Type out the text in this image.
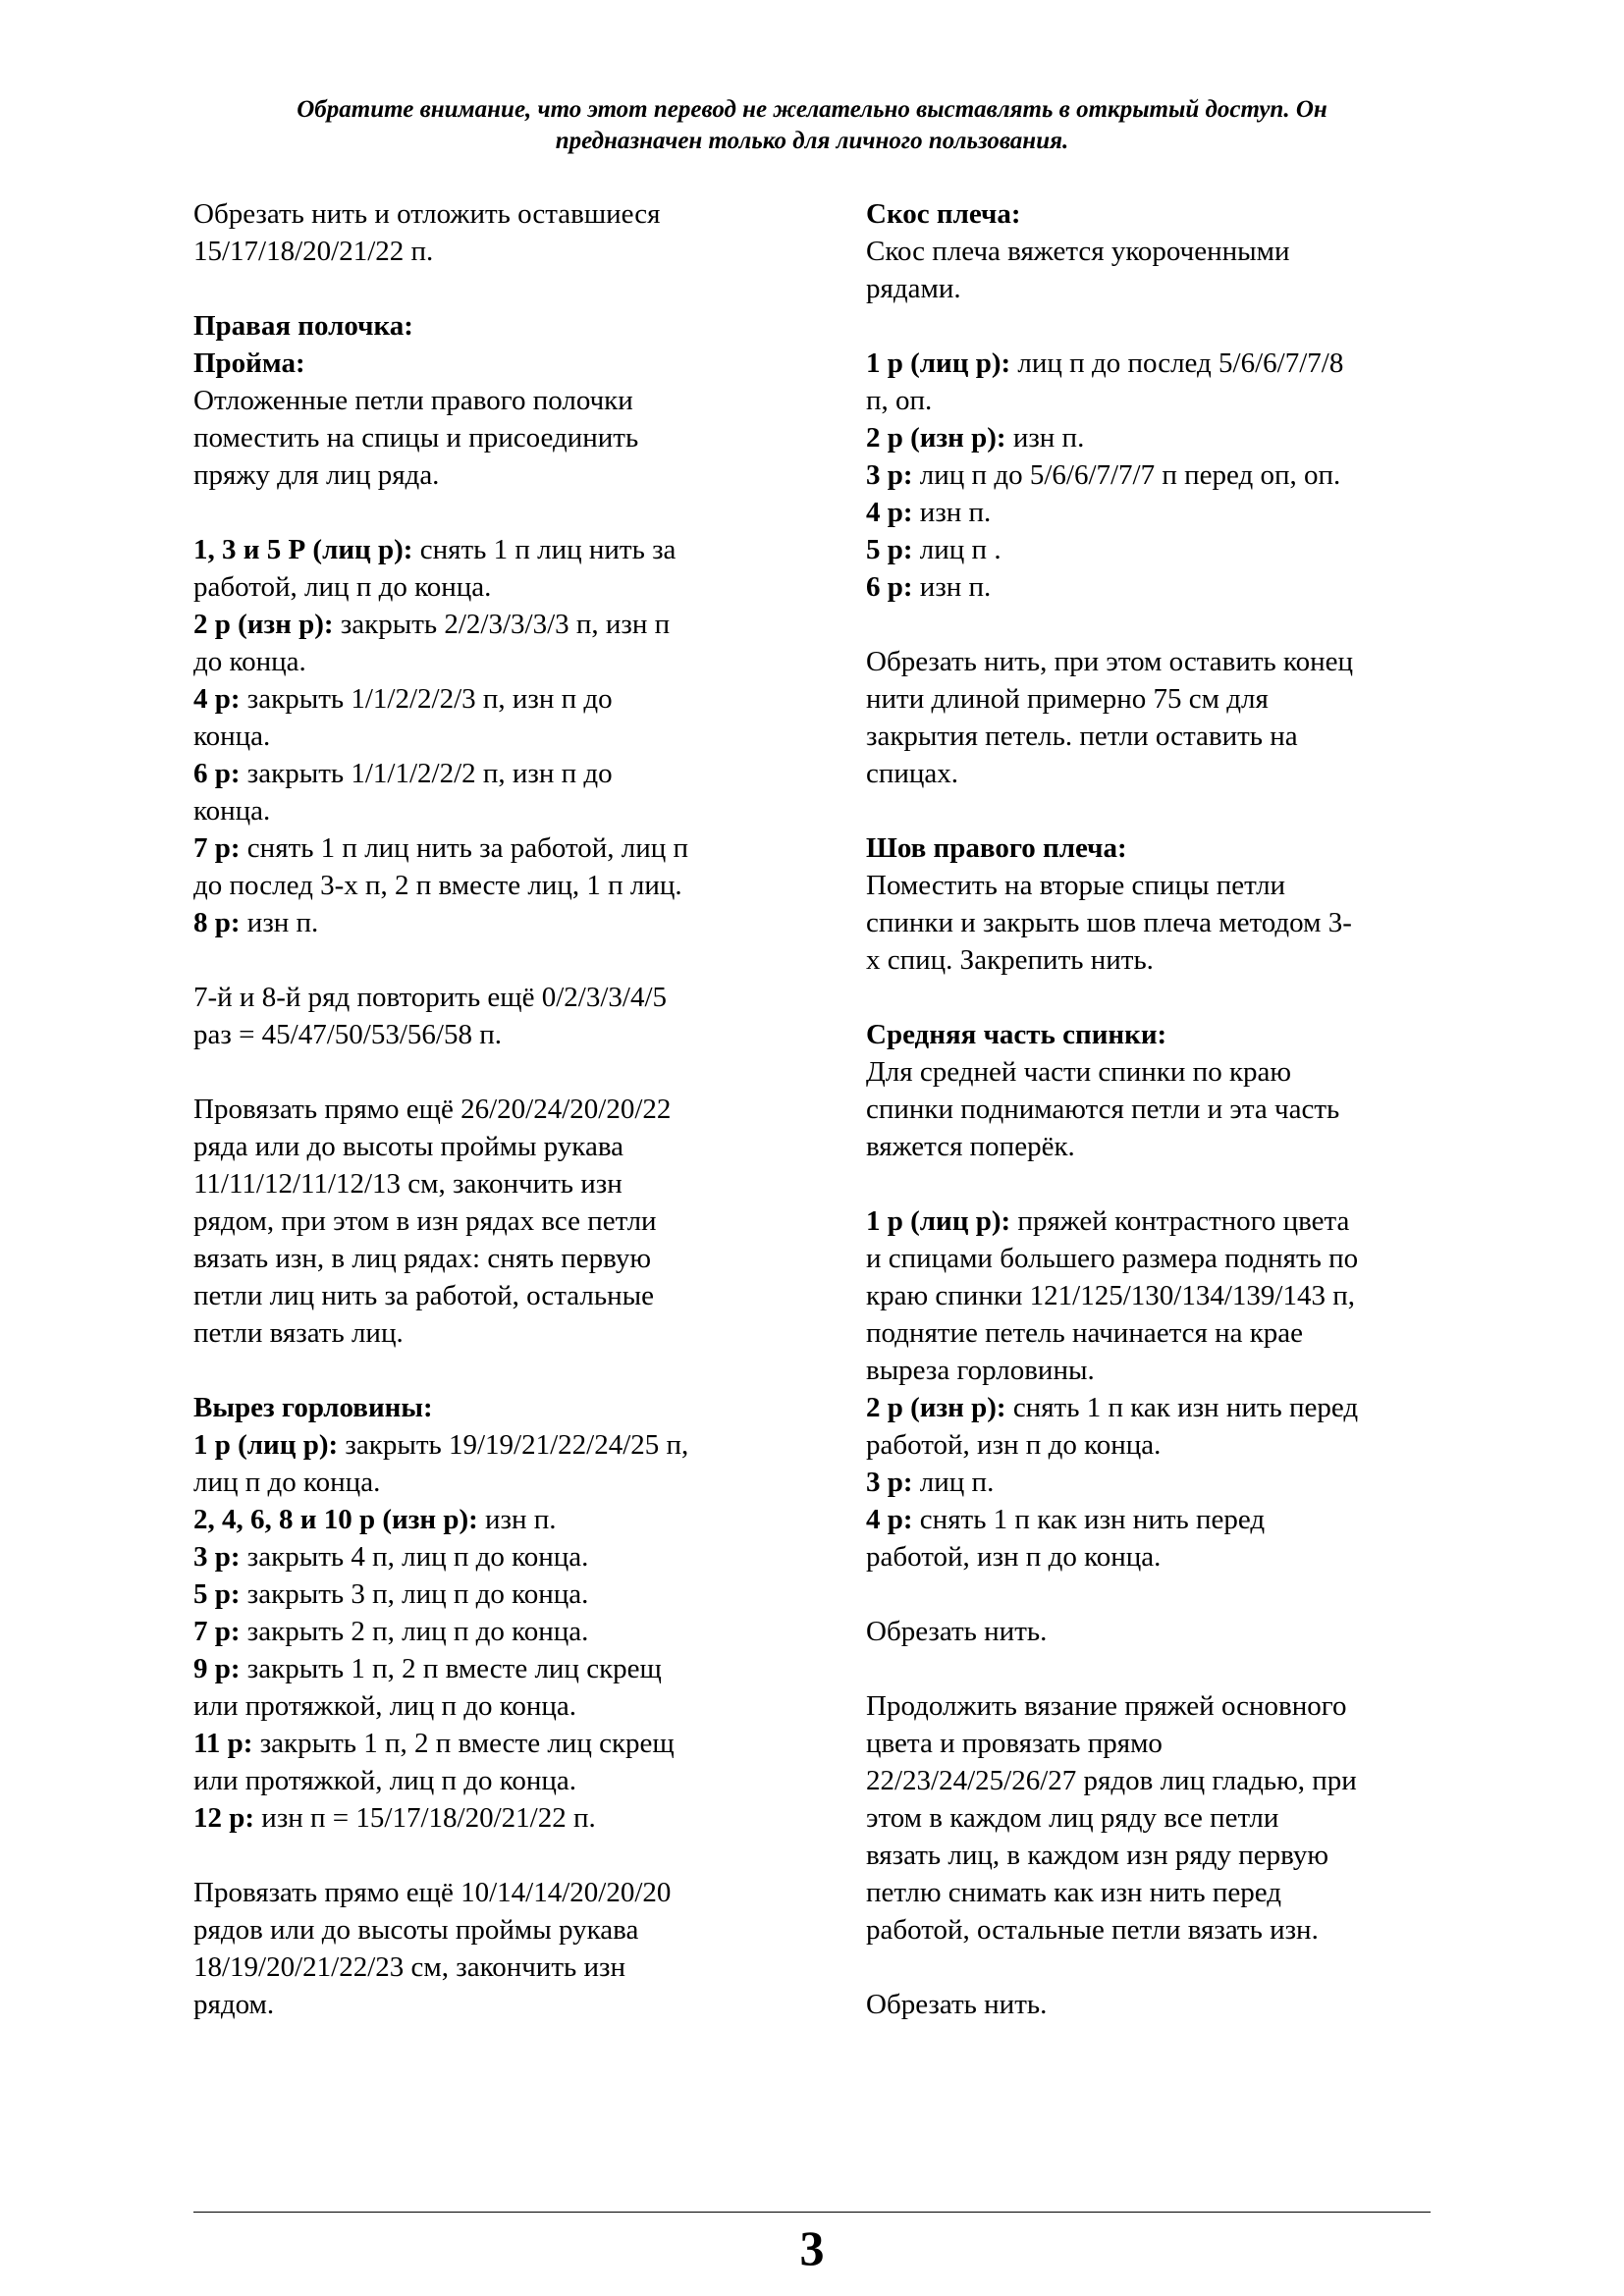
Обратите внимание, что этот перевод не желательно выставлять в открытый доступ. Он
предназначен только для личного пользования.
Обрезать нить и отложить оставшиеся
15/17/18/20/21/22 п.
Правая полочка:
Пройма:
Отложенные петли правого полочки
поместить на спицы и присоединить
пряжу для лиц ряда.
1, 3 и 5 Р (лиц р): снять 1 п лиц нить за
работой, лиц п до конца.
2 р (изн р): закрыть 2/2/3/3/3/3 п, изн п
до конца.
4 р: закрыть 1/1/2/2/2/3 п, изн п до
конца.
6 р: закрыть 1/1/1/2/2/2 п, изн п до
конца.
7 р: снять 1 п лиц нить за работой, лиц п
до послед 3-х п, 2 п вместе лиц, 1 п лиц.
8 р: изн п.
7-й и 8-й ряд повторить ещё 0/2/3/3/4/5
раз = 45/47/50/53/56/58 п.
Провязать прямо ещё 26/20/24/20/20/22
ряда или до высоты проймы рукава
11/11/12/11/12/13 см, закончить изн
рядом, при этом в изн рядах все петли
вязать изн, в лиц рядах: снять первую
петли лиц нить за работой, остальные
петли вязать лиц.
Вырез горловины:
1 р (лиц р): закрыть 19/19/21/22/24/25 п,
лиц п до конца.
2, 4, 6, 8 и 10 р (изн р): изн п.
3 р: закрыть 4 п, лиц п до конца.
5 р: закрыть 3 п, лиц п до конца.
7 р: закрыть 2 п, лиц п до конца.
9 р: закрыть 1 п, 2 п вместе лиц скрещ
или протяжкой, лиц п до конца.
11 р: закрыть 1 п, 2 п вместе лиц скрещ
или протяжкой, лиц п до конца.
12 р: изн п = 15/17/18/20/21/22 п.
Провязать прямо ещё 10/14/14/20/20/20
рядов или до высоты проймы рукава
18/19/20/21/22/23 см, закончить изн
рядом.
Скос плеча:
Скос плеча вяжется укороченными
рядами.
1 р (лиц р): лиц п до послед 5/6/6/7/7/8
п, оп.
2 р (изн р): изн п.
3 р: лиц п до 5/6/6/7/7/7 п перед оп, оп.
4 р: изн п.
5 р: лиц п .
6 р: изн п.
Обрезать нить, при этом оставить конец
нити длиной примерно 75 см для
закрытия петель. петли оставить на
спицах.
Шов правого плеча:
Поместить на вторые спицы петли
спинки и закрыть шов плеча методом 3-
х спиц. Закрепить нить.
Средняя часть спинки:
Для средней части спинки по краю
спинки поднимаются петли и эта часть
вяжется поперёк.
1 р (лиц р): пряжей контрастного цвета
и спицами большего размера поднять по
краю спинки 121/125/130/134/139/143 п,
поднятие петель начинается на крае
выреза горловины.
2 р (изн р): снять 1 п как изн нить перед
работой, изн п до конца.
3 р: лиц п.
4 р: снять 1 п как изн нить перед
работой, изн п до конца.
Обрезать нить.
Продолжить вязание пряжей основного
цвета и провязать прямо
22/23/24/25/26/27 рядов лиц гладью, при
этом в каждом лиц ряду все петли
вязать лиц, в каждом изн ряду первую
петлю снимать как изн нить перед
работой, остальные петли вязать изн.
Обрезать нить.
3
